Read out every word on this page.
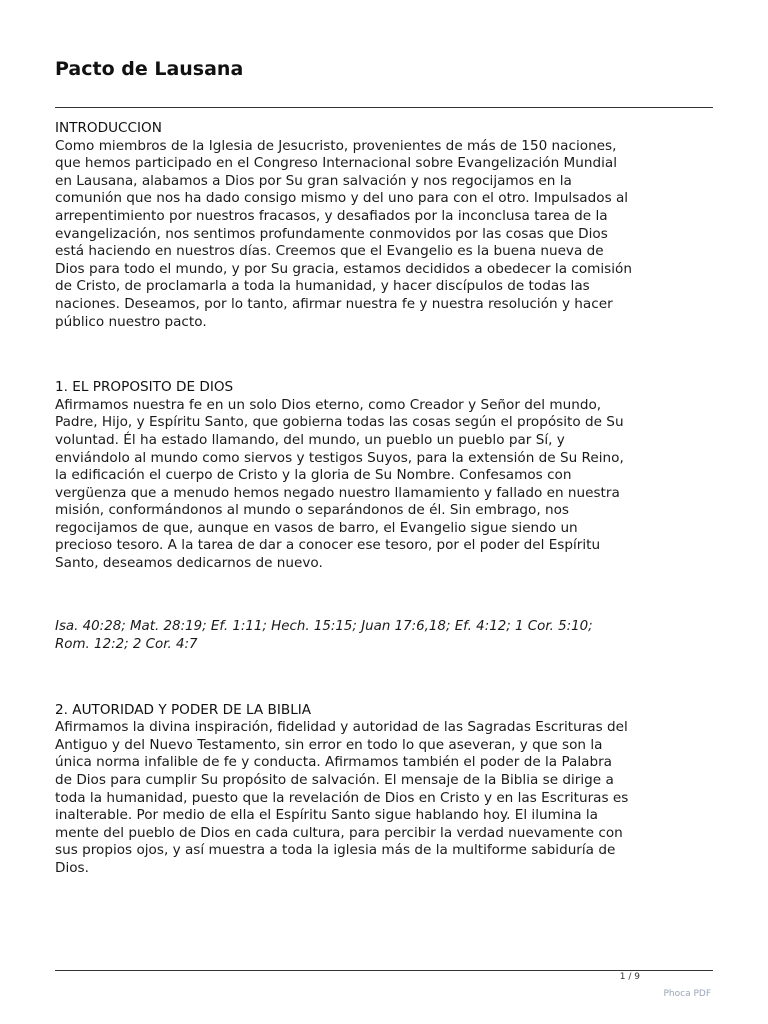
Pacto de Lausana
INTRODUCCION

Como miembros de la Iglesia de Jesucristo, provenientes de más de 150 naciones,
que hemos participado en el Congreso Internacional sobre Evangelización Mundial
en Lausana, alabamos a Dios por Su gran salvación y nos regocijamos en la
comunión que nos ha dado consigo mismo y del uno para con el otro. Impulsados al
arrepentimiento por nuestros fracasos, y desafiados por la inconclusa tarea de la
evangelización, nos sentimos profundamente conmovidos por las cosas que Dios
está haciendo en nuestros días. Creemos que el Evangelio es la buena nueva de
Dios para todo el mundo, y por Su gracia, estamos decididos a obedecer la comisión
de Cristo, de proclamarla a toda la humanidad, y hacer discípulos de todas las
naciones. Deseamos, por lo tanto, afirmar nuestra fe y nuestra resolución y hacer
público nuestro pacto.

1. EL PROPOSITO DE DIOS

Afirmamos nuestra fe en un solo Dios eterno, como Creador y Señor del mundo,
Padre, Hijo, y Espíritu Santo, que gobierna todas las cosas según el propósito de Su
voluntad. Él ha estado llamando, del mundo, un pueblo un pueblo par Sí, y
enviándolo al mundo como siervos y testigos Suyos, para la extensión de Su Reino,
la edificación el cuerpo de Cristo y la gloria de Su Nombre. Confesamos con
vergüenza que a menudo hemos negado nuestro llamamiento y fallado en nuestra
misión, conformándonos al mundo o separándonos de él. Sin embrago, nos
regocijamos de que, aunque en vasos de barro, el Evangelio sigue siendo un
precioso tesoro. A la tarea de dar a conocer ese tesoro, por el poder del Espíritu
Santo, deseamos dedicarnos de nuevo.

Isa. 40:28; Mat. 28:19; Ef. 1:11; Hech. 15:15; Juan 17:6,18; Ef. 4:12; 1 Cor. 5:10;
Rom. 12:2; 2 Cor. 4:7

2. AUTORIDAD Y PODER DE LA BIBLIA

Afirmamos la divina inspiración, fidelidad y autoridad de las Sagradas Escrituras del
Antiguo y del Nuevo Testamento, sin error en todo lo que aseveran, y que son la
única norma infalible de fe y conducta. Afirmamos también el poder de la Palabra
de Dios para cumplir Su propósito de salvación. El mensaje de la Biblia se dirige a
toda la humanidad, puesto que la revelación de Dios en Cristo y en las Escrituras es
inalterable. Por medio de ella el Espíritu Santo sigue hablando hoy. El ilumina la
mente del pueblo de Dios en cada cultura, para percibir la verdad nuevamente con
sus propios ojos, y así muestra a toda la iglesia más de la multiforme sabiduría de
Dios.

1 / 9
Phoca PDF
